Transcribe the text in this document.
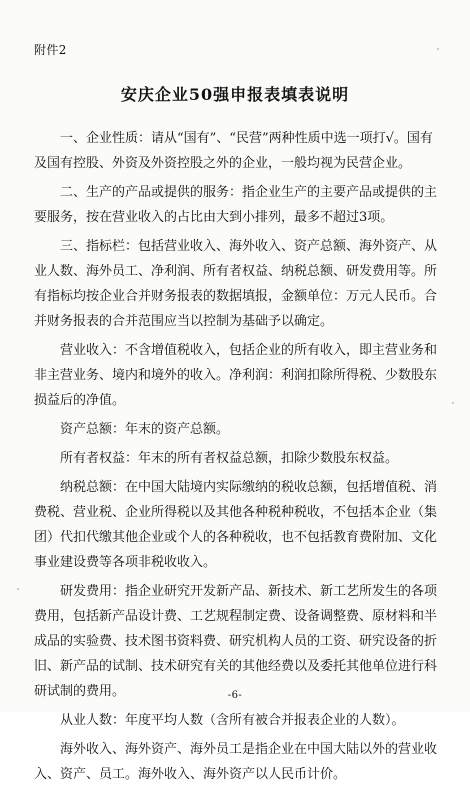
附件2
安庆企业50强申报表填表说明

一、企业性质：请从“国有”、“民营”两种性质中选一项打√。国有及国有控股、外资及外资控股之外的企业，一般均视为民营企业。

二、生产的产品或提供的服务：指企业生产的主要产品或提供的主要服务，按在营业收入的占比由大到小排列，最多不超过3项。

三、指标栏：包括营业收入、海外收入、资产总额、海外资产、从业人数、海外员工、净利润、所有者权益、纳税总额、研发费用等。所有指标均按企业合并财务报表的数据填报，金额单位：万元人民币。合并财务报表的合并范围应当以控制为基础予以确定。

营业收入：不含增值税收入，包括企业的所有收入，即主营业务和非主营业务、境内和境外的收入。净利润：利润扣除所得税、少数股东损益后的净值。

资产总额：年末的资产总额。

所有者权益：年末的所有者权益总额，扣除少数股东权益。

纳税总额：在中国大陆境内实际缴纳的税收总额，包括增值税、消费税、营业税、企业所得税以及其他各种税种税收，不包括本企业（集团）代扣代缴其他企业或个人的各种税收，也不包括教育费附加、文化事业建设费等各项非税收收入。

研发费用：指企业研究开发新产品、新技术、新工艺所发生的各项费用，包括新产品设计费、工艺规程制定费、设备调整费、原材料和半成品的实验费、技术图书资料费、研究机构人员的工资、研究设备的折旧、新产品的试制、技术研究有关的其他经费以及委托其他单位进行科研试制的费用。

从业人数：年度平均人数（含所有被合并报表企业的人数）。

海外收入、海外资产、海外员工是指企业在中国大陆以外的营业收入、资产、员工。海外收入、海外资产以人民币计价。

-6-
